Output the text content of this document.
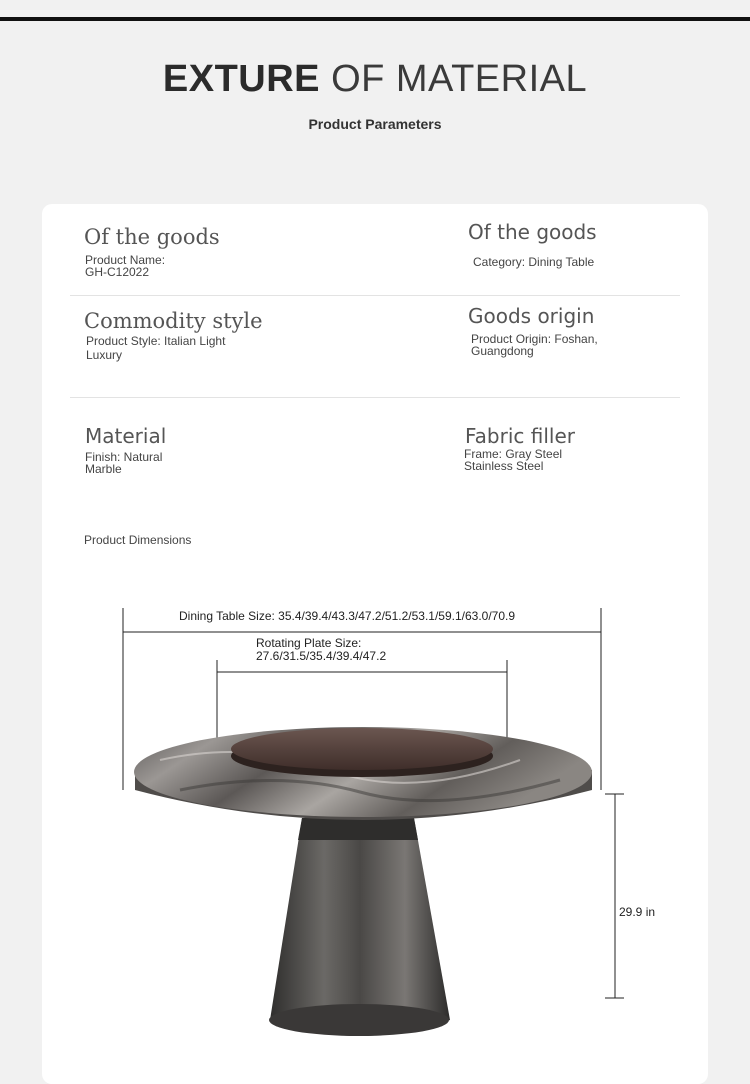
EXTURE OF MATERIAL
Product Parameters
Of the goods
Product Name:
GH-C12022
Of the goods
Category: Dining Table
Commodity style
Product Style: Italian Light
Luxury
Goods origin
Product Origin: Foshan,
Guangdong
Material
Finish: Natural
Marble
Fabric filler
Frame: Gray Steel
Stainless Steel
Product Dimensions
Dining Table Size: 35.4/39.4/43.3/47.2/51.2/53.1/59.1/63.0/70.9
Rotating Plate Size:
27.6/31.5/35.4/39.4/47.2
29.9 in
